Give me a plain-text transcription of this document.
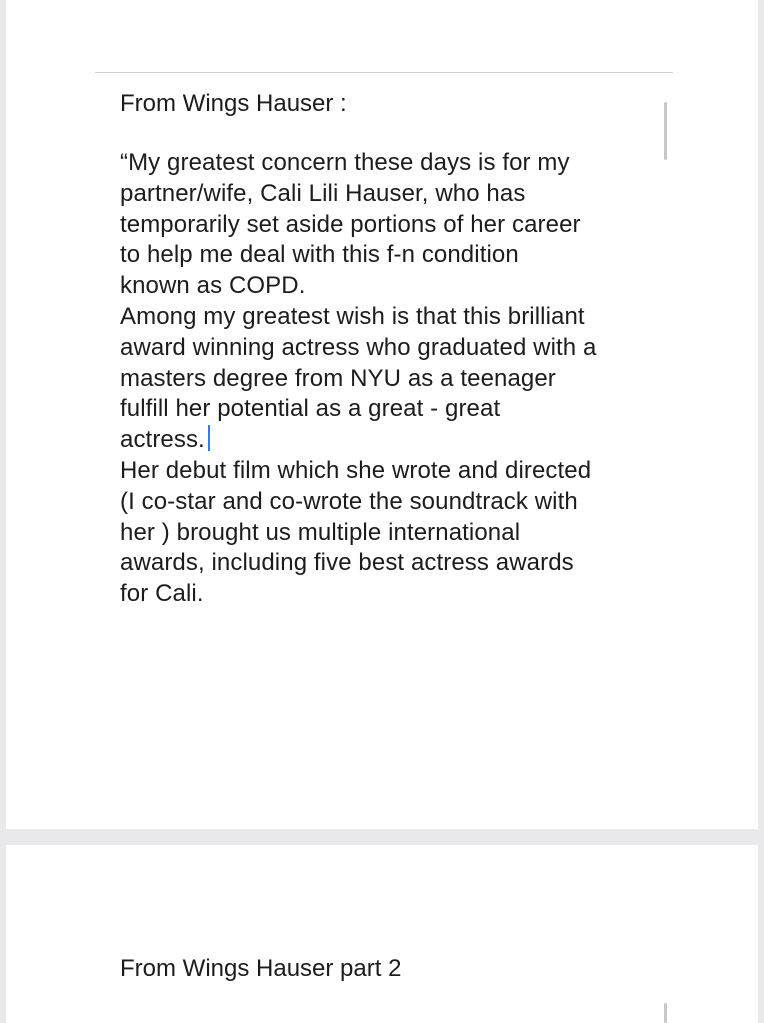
From Wings Hauser :
“My greatest concern these days is for my
partner/wife, Cali Lili Hauser, who has
temporarily set aside portions of her career
to help me deal with this f-n condition
known as COPD.
Among my greatest wish is that this brilliant
award winning actress who graduated with a
masters degree from NYU as a teenager
fulfill her potential as a great - great
actress.
Her debut film which she wrote and directed
(I co-star and co-wrote the soundtrack with
her ) brought us multiple international
awards, including five best actress awards
for Cali.
From Wings Hauser part 2
